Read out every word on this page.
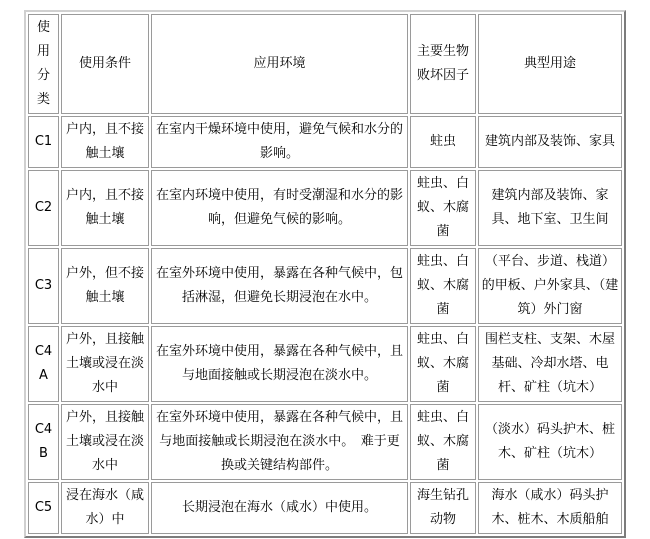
使用分类	使用条件	应用环境	主要生物败坏因子	典型用途
C1	户内，且不接触土壤	在室内干燥环境中使用，避免气候和水分的影响。	蛀虫	建筑内部及装饰、家具
C2	户内，且不接触土壤	在室内环境中使用，有时受潮湿和水分的影响，但避免气候的影响。	蛀虫、白蚁、木腐菌	建筑内部及装饰、家具、地下室、卫生间
C3	户外，但不接触土壤	在室外环境中使用，暴露在各种气候中，包括淋湿，但避免长期浸泡在水中。	蛀虫、白蚁、木腐菌	（平台、步道、栈道）的甲板、户外家具、（建筑）外门窗
C4A	户外，且接触土壤或浸在淡水中	在室外环境中使用，暴露在各种气候中，且与地面接触或长期浸泡在淡水中。	蛀虫、白蚁、木腐菌	围栏支柱、支架、木屋基础、冷却水塔、电杆、矿柱（坑木）
C4B	户外，且接触土壤或浸在淡水中	在室外环境中使用，暴露在各种气候中，且与地面接触或长期浸泡在淡水中。　难于更换或关键结构部件。	蛀虫、白蚁、木腐菌	（淡水）码头护木、桩木、矿柱（坑木）
C5	浸在海水（咸水）中	长期浸泡在海水（咸水）中使用。	海生钻孔动物	海水（咸水）码头护木、桩木、木质船舶
